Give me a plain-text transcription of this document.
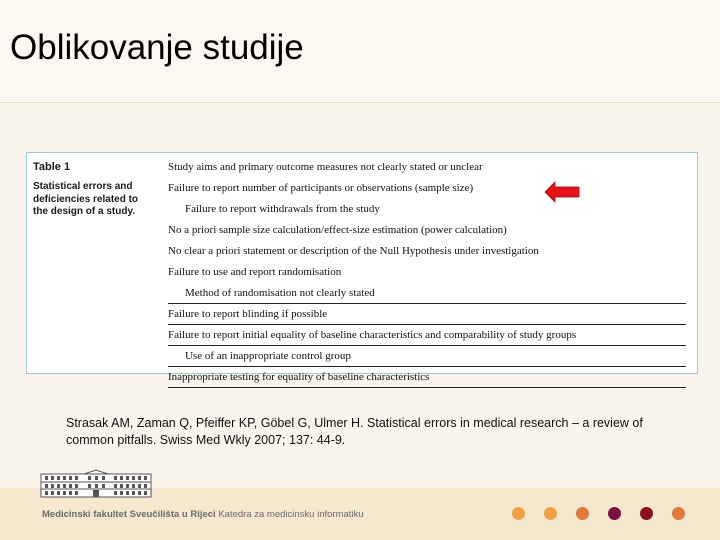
Oblikovanje studije
Table 1
Statistical errors and deficiencies related to the design of a study.
Study aims and primary outcome measures not clearly stated or unclear
Failure to report number of participants or observations (sample size)
Failure to report withdrawals from the study
No a priori sample size calculation/effect-size estimation (power calculation)
No clear a priori statement or description of the Null Hypothesis under investigation
Failure to use and report randomisation
Method of randomisation not clearly stated
Failure to report blinding if possible
Failure to report initial equality of baseline characteristics and comparability of study groups
Use of an inappropriate control group
Inappropriate testing for equality of baseline characteristics
Strasak AM, Zaman Q, Pfeiffer KP, Göbel G, Ulmer H. Statistical errors in medical research – a review of common pitfalls. Swiss Med Wkly 2007; 137: 44-9.
Medicinski fakultet Sveučilišta u Rijeci Katedra za medicinsku informatiku
